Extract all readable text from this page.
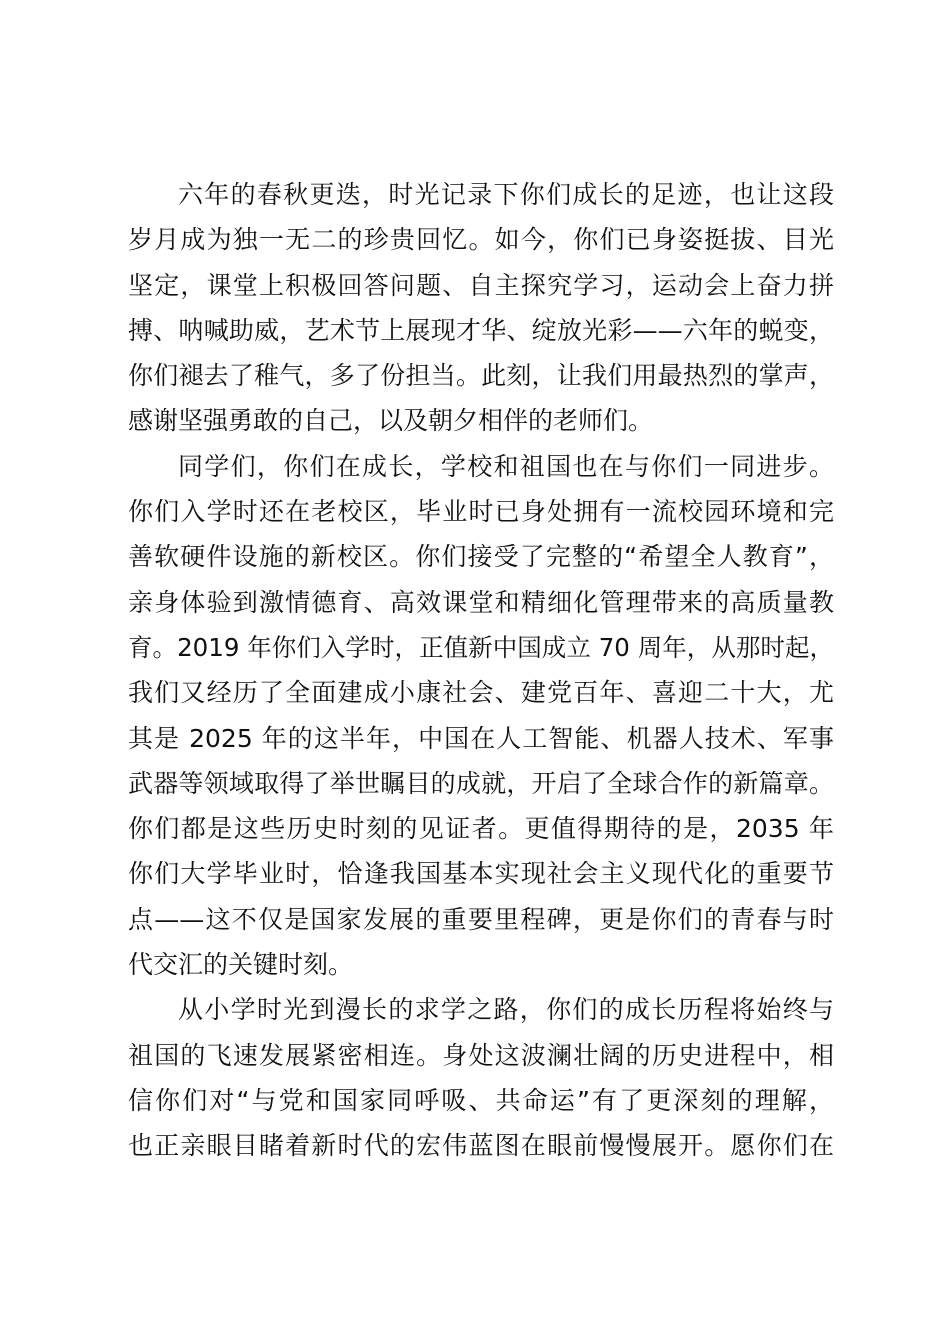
六年的春秋更迭，时光记录下你们成长的足迹，也让这段
岁月成为独一无二的珍贵回忆。如今，你们已身姿挺拔、目光
坚定，课堂上积极回答问题、自主探究学习，运动会上奋力拼
搏、呐喊助威，艺术节上展现才华、绽放光彩——六年的蜕变，
你们褪去了稚气，多了份担当。此刻，让我们用最热烈的掌声，
感谢坚强勇敢的自己，以及朝夕相伴的老师们。
同学们，你们在成长，学校和祖国也在与你们一同进步。
你们入学时还在老校区，毕业时已身处拥有一流校园环境和完
善软硬件设施的新校区。你们接受了完整的“希望全人教育”，
亲身体验到激情德育、高效课堂和精细化管理带来的高质量教
育。2019 年你们入学时，正值新中国成立 70 周年，从那时起，
我们又经历了全面建成小康社会、建党百年、喜迎二十大，尤
其是 2025 年的这半年，中国在人工智能、机器人技术、军事
武器等领域取得了举世瞩目的成就，开启了全球合作的新篇章。
你们都是这些历史时刻的见证者。更值得期待的是，2035 年
你们大学毕业时，恰逢我国基本实现社会主义现代化的重要节
点——这不仅是国家发展的重要里程碑，更是你们的青春与时
代交汇的关键时刻。
从小学时光到漫长的求学之路，你们的成长历程将始终与
祖国的飞速发展紧密相连。身处这波澜壮阔的历史进程中，相
信你们对“与党和国家同呼吸、共命运”有了更深刻的理解，
也正亲眼目睹着新时代的宏伟蓝图在眼前慢慢展开。愿你们在
